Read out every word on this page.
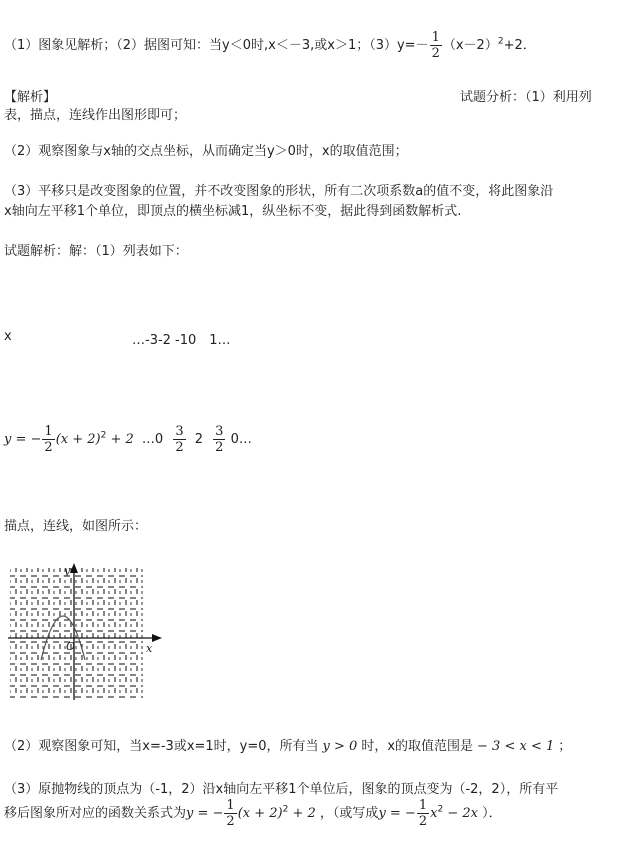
（1）图象见解析；（2）据图可知：当y＜0时,x＜－3,或x＞1；$(3)y=- \frac{1}{2} (x-2)^2+2$．
【解析】	试题分析：（1）利用列
表，描点，连线作出图形即可；
（2）观察图象与x轴的交点坐标，从而确定当y＞0时，x的取值范围；
（3）平移只是改变图象的位置，并不改变图象的形状，所有二次项系数a的值不变，将此图象沿
x轴向左平移1个单位，即顶点的横坐标减1，纵坐标不变，据此得到函数解析式.
试题解析：解：（1）列表如下：
x	…-3-2 -10　1…
y = − $\frac{1}{2} (x + 2)^2 + 2$ …0 $\frac{3}{2} 2 \frac{3}{2}$ 0…
描点，连线，如图所示：
y
x
O
（2）观察图象可知，当x=-3或x=1时，y=0，所有当 y > 0 时，x的取值范围是 − 3 < x < 1 ；
（3）原抛物线的顶点为（-1，2）沿x轴向左平移1个单位后，图象的顶点变为（-2，2），所有平
移后图象所对应的函数关系式为y = − $\frac{1}{2} (x + 2)^2 + 2$ ，（或写成y = − $\frac{1}{2} x^2 - 2x$ ）．
